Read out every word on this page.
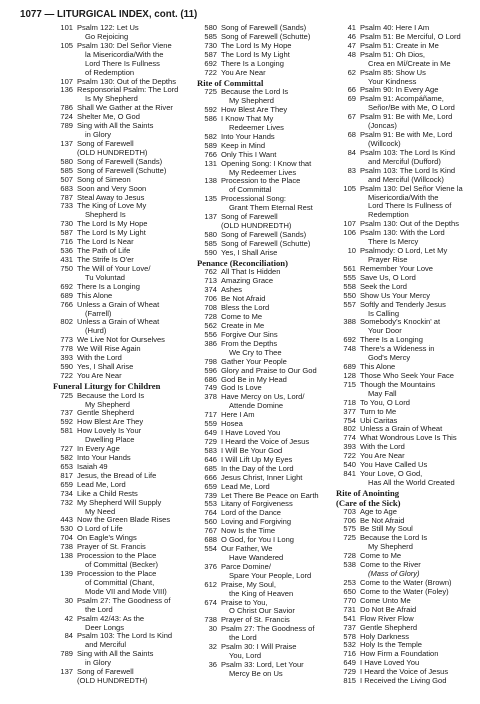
1077 — LITURGICAL INDEX, cont. (11)
101 Psalm 122: Let Us
Go Rejoicing
105 Psalm 130: Del Señor Viene
la Misericordia/With the
Lord There Is Fullness
of Redemption
107 Psalm 130: Out of the Depths
136 Responsorial Psalm: The Lord
Is My Shepherd
786 Shall We Gather at the River
724 Shelter Me, O God
789 Sing with All the Saints
in Glory
137 Song of Farewell
(OLD HUNDREDTH)
580 Song of Farewell (Sands)
585 Song of Farewell (Schutte)
507 Song of Simeon
683 Soon and Very Soon
787 Steal Away to Jesus
733 The King of Love My
Shepherd Is
730 The Lord Is My Hope
587 The Lord Is My Light
716 The Lord Is Near
536 The Path of Life
431 The Strife Is O'er
750 The Will of Your Love/
Tu Voluntad
692 There Is a Longing
689 This Alone
766 Unless a Grain of Wheat
(Farrell)
802 Unless a Grain of Wheat
(Hurd)
773 We Live Not for Ourselves
778 We Will Rise Again
393 With the Lord
590 Yes, I Shall Arise
722 You Are Near
Funeral Liturgy for Children
725 Because the Lord Is
My Shepherd
737 Gentle Shepherd
592 How Blest Are They
581 How Lovely Is Your
Dwelling Place
727 In Every Age
582 Into Your Hands
653 Isaiah 49
817 Jesus, the Bread of Life
659 Lead Me, Lord
734 Like a Child Rests
732 My Shepherd Will Supply
My Need
443 Now the Green Blade Rises
530 O Lord of Life
704 On Eagle's Wings
738 Prayer of St. Francis
138 Procession to the Place
of Committal (Becker)
139 Procession to the Place
of Committal (Chant,
Mode VII and Mode VIII)
30 Psalm 27: The Goodness of
the Lord
42 Psalm 42/43: As the
Deer Longs
84 Psalm 103: The Lord Is Kind
and Merciful
789 Sing with All the Saints
in Glory
137 Song of Farewell
(OLD HUNDREDTH)
580 Song of Farewell (Sands)
585 Song of Farewell (Schutte)
730 The Lord Is My Hope
587 The Lord Is My Light
692 There Is a Longing
722 You Are Near
Rite of Committal
725 Because the Lord Is
My Shepherd
592 How Blest Are They
586 I Know That My
Redeemer Lives
582 Into Your Hands
589 Keep in Mind
766 Only This I Want
131 Opening Song: I Know that
My Redeemer Lives
138 Procession to the Place
of Committal
135 Processional Song:
Grant Them Eternal Rest
137 Song of Farewell
(OLD HUNDREDTH)
580 Song of Farewell (Sands)
585 Song of Farewell (Schutte)
590 Yes, I Shall Arise
Penance (Reconciliation)
762 All That Is Hidden
713 Amazing Grace
374 Ashes
706 Be Not Afraid
708 Bless the Lord
728 Come to Me
562 Create in Me
556 Forgive Our Sins
386 From the Depths
We Cry to Thee
798 Gather Your People
596 Glory and Praise to Our God
686 God Be in My Head
749 God Is Love
378 Have Mercy on Us, Lord/
Attende Domine
717 Here I Am
559 Hosea
649 I Have Loved You
729 I Heard the Voice of Jesus
583 I Will Be Your God
646 I Will Lift Up My Eyes
685 In the Day of the Lord
666 Jesus Christ, Inner Light
659 Lead Me, Lord
739 Let There Be Peace on Earth
553 Litany of Forgiveness
764 Lord of the Dance
560 Loving and Forgiving
767 Now Is the Time
688 O God, for You I Long
554 Our Father, We
Have Wandered
376 Parce Domine/
Spare Your People, Lord
612 Praise, My Soul,
the King of Heaven
674 Praise to You,
O Christ Our Savior
738 Prayer of St. Francis
30 Psalm 27: The Goodness of
the Lord
32 Psalm 30: I Will Praise
You, Lord
36 Psalm 33: Lord, Let Your
Mercy Be on Us
41 Psalm 40: Here I Am
46 Psalm 51: Be Merciful, O Lord
47 Psalm 51: Create in Me
48 Psalm 51: Oh Dios,
Crea en Mí/Create in Me
62 Psalm 85: Show Us
Your Kindness
66 Psalm 90: In Every Age
69 Psalm 91: Acompáñame,
Señor/Be with Me, O Lord
67 Psalm 91: Be with Me, Lord
(Joncas)
68 Psalm 91: Be with Me, Lord
(Willcock)
84 Psalm 103: The Lord Is Kind
and Merciful (Dufford)
83 Psalm 103: The Lord Is Kind
and Merciful (Willcock)
105 Psalm 130: Del Señor Viene la
Misericordia/With the
Lord There Is Fullness of
Redemption
107 Psalm 130: Out of the Depths
106 Psalm 130: With the Lord
There Is Mercy
10 Psalmody: O Lord, Let My
Prayer Rise
561 Remember Your Love
555 Save Us, O Lord
558 Seek the Lord
550 Show Us Your Mercy
557 Softly and Tenderly Jesus
Is Calling
388 Somebody's Knockin' at
Your Door
692 There Is a Longing
748 There's a Wideness in
God's Mercy
689 This Alone
128 Those Who Seek Your Face
715 Though the Mountains
May Fall
718 To You, O Lord
377 Turn to Me
754 Ubi Caritas
802 Unless a Grain of Wheat
774 What Wondrous Love Is This
393 With the Lord
722 You Are Near
540 You Have Called Us
841 Your Love, O God,
Has All the World Created
Rite of Anointing
(Care of the Sick)
703 Age to Age
706 Be Not Afraid
575 Be Still My Soul
725 Because the Lord Is
My Shepherd
728 Come to Me
538 Come to the River
(Mass of Glory)
253 Come to the Water (Brown)
650 Come to the Water (Foley)
770 Come Unto Me
731 Do Not Be Afraid
541 Flow River Flow
737 Gentle Shepherd
578 Holy Darkness
532 Holy Is the Temple
716 How Firm a Foundation
649 I Have Loved You
729 I Heard the Voice of Jesus
815 I Received the Living God
